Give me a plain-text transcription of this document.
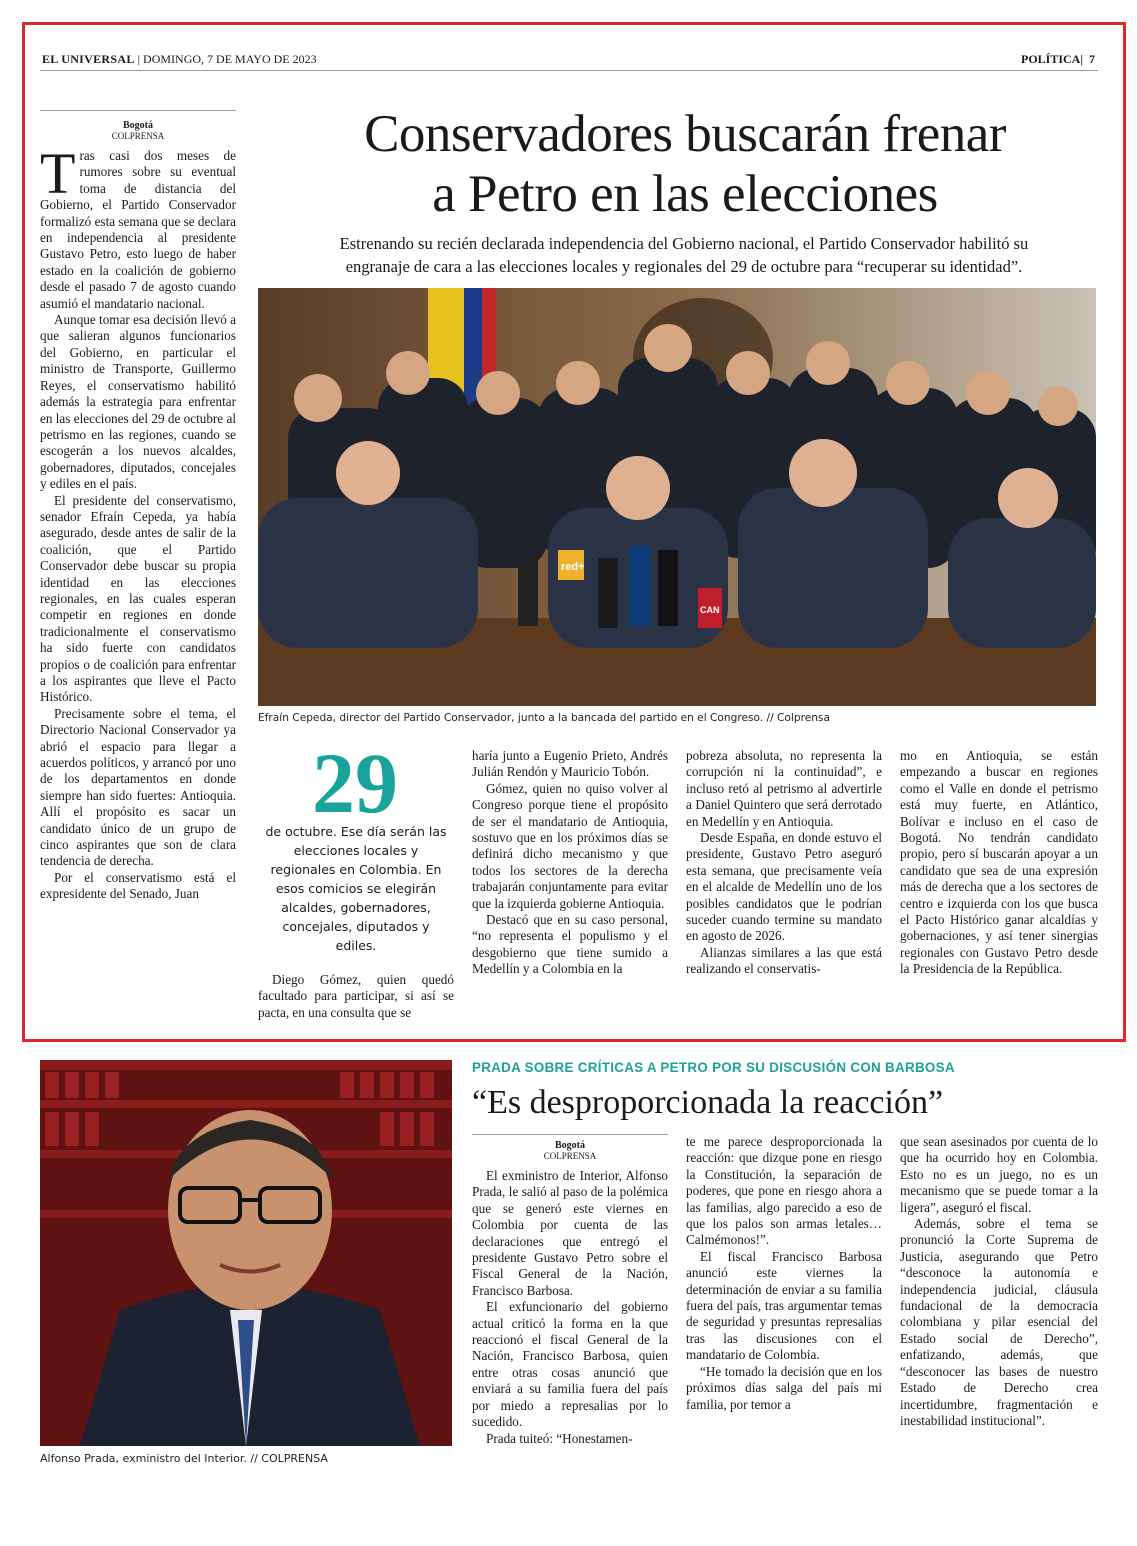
EL UNIVERSAL | DOMINGO, 7 DE MAYO DE 2023	POLÍTICA|  7
Bogotá
COLPRENSA

Tras casi dos meses de rumores sobre su eventual toma de distancia del Gobierno, el Partido Conservador formalizó esta semana que se declara en independencia al presidente Gustavo Petro, esto luego de haber estado en la coalición de gobierno desde el pasado 7 de agosto cuando asumió el mandatario nacional.

Aunque tomar esa decisión llevó a que salieran algunos funcionarios del Gobierno, en particular el ministro de Transporte, Guillermo Reyes, el conservatismo habilitó además la estrategia para enfrentar en las elecciones del 29 de octubre al petrismo en las regiones, cuando se escogerán a los nuevos alcaldes, gobernadores, diputados, concejales y ediles en el país.

El presidente del conservatismo, senador Efraín Cepeda, ya había asegurado, desde antes de salir de la coalición, que el Partido Conservador debe buscar su propia identidad en las elecciones regionales, en las cuales esperan competir en regiones en donde tradicionalmente el conservatismo ha sido fuerte con candidatos propios o de coalición para enfrentar a los aspirantes que lleve el Pacto Histórico.

Precisamente sobre el tema, el Directorio Nacional Conservador ya abrió el espacio para llegar a acuerdos políticos, y arrancó por uno de los departamentos en donde siempre han sido fuertes: Antioquia. Allí el propósito es sacar un candidato único de un grupo de cinco aspirantes que son de clara tendencia de derecha.

Por el conservatismo está el expresidente del Senado, Juan

Conservadores buscarán frenar
a Petro en las elecciones
Estrenando su recién declarada independencia del Gobierno nacional, el Partido Conservador habilitó su
engranaje de cara a las elecciones locales y regionales del 29 de octubre para “recuperar su identidad”.
red+
CAN
Efraín Cepeda, director del Partido Conservador, junto a la bancada del partido en el Congreso. // Colprensa
29
de octubre. Ese día serán las elecciones locales y regionales en Colombia. En esos comicios se elegirán alcaldes, gobernadores, concejales, diputados y ediles.

Diego Gómez, quien quedó facultado para participar, si así se pacta, en una consulta que se

haría junto a Eugenio Prieto, Andrés Julián Rendón y Mauricio Tobón.

Gómez, quien no quiso volver al Congreso porque tiene el propósito de ser el mandatario de Antioquia, sostuvo que en los próximos días se definirá dicho mecanismo y que todos los sectores de la derecha trabajarán conjuntamente para evitar que la izquierda gobierne Antioquia.

Destacó que en su caso personal, “no representa el populismo y el desgobierno que tiene sumido a Medellín y a Colombia en la

pobreza absoluta, no representa la corrupción ni la continuidad”, e incluso retó al petrismo al advertirle a Daniel Quintero que será derrotado en Medellín y en Antioquia.

Desde España, en donde estuvo el presidente, Gustavo Petro aseguró esta semana, que precisamente veía en el alcalde de Medellín uno de los posibles candidatos que le podrían suceder cuando termine su mandato en agosto de 2026.

Alianzas similares a las que está realizando el conservatis-

mo en Antioquia, se están empezando a buscar en regiones como el Valle en donde el petrismo está muy fuerte, en Atlántico, Bolívar e incluso en el caso de Bogotá. No tendrán candidato propio, pero sí buscarán apoyar a un candidato que sea de una expresión más de derecha que a los sectores de centro e izquierda con los que busca el Pacto Histórico ganar alcaldías y gobernaciones, y así tener sinergias regionales con Gustavo Petro desde la Presidencia de la República.

Alfonso Prada, exministro del Interior. // COLPRENSA
PRADA SOBRE CRÍTICAS A PETRO POR SU DISCUSIÓN CON BARBOSA
“Es desproporcionada la reacción”
Bogotá
COLPRENSA

El exministro de Interior, Alfonso Prada, le salió al paso de la polémica que se generó este viernes en Colombia por cuenta de las declaraciones que entregó el presidente Gustavo Petro sobre el Fiscal General de la Nación, Francisco Barbosa.

El exfuncionario del gobierno actual criticó la forma en la que reaccionó el fiscal General de la Nación, Francisco Barbosa, quien entre otras cosas anunció que enviará a su familia fuera del país por miedo a represalias por lo sucedido.

Prada tuiteó: “Honestamen-

te me parece desproporcionada la reacción: que dizque pone en riesgo la Constitución, la separación de poderes, que pone en riesgo ahora a las familias, algo parecido a eso de que los palos son armas letales… Calmémonos!”.

El fiscal Francisco Barbosa anunció este viernes la determinación de enviar a su familia fuera del país, tras argumentar temas de seguridad y presuntas represalias tras las discusiones con el mandatario de Colombia.

“He tomado la decisión que en los próximos días salga del país mi familia, por temor a

que sean asesinados por cuenta de lo que ha ocurrido hoy en Colombia. Esto no es un juego, no es un mecanismo que se puede tomar a la ligera”, aseguró el fiscal.

Además, sobre el tema se pronunció la Corte Suprema de Justicia, asegurando que Petro “desconoce la autonomía e independencia judicial, cláusula fundacional de la democracia colombiana y pilar esencial del Estado social de Derecho”, enfatizando, además, que “desconocer las bases de nuestro Estado de Derecho crea incertidumbre, fragmentación e inestabilidad institucional”.
